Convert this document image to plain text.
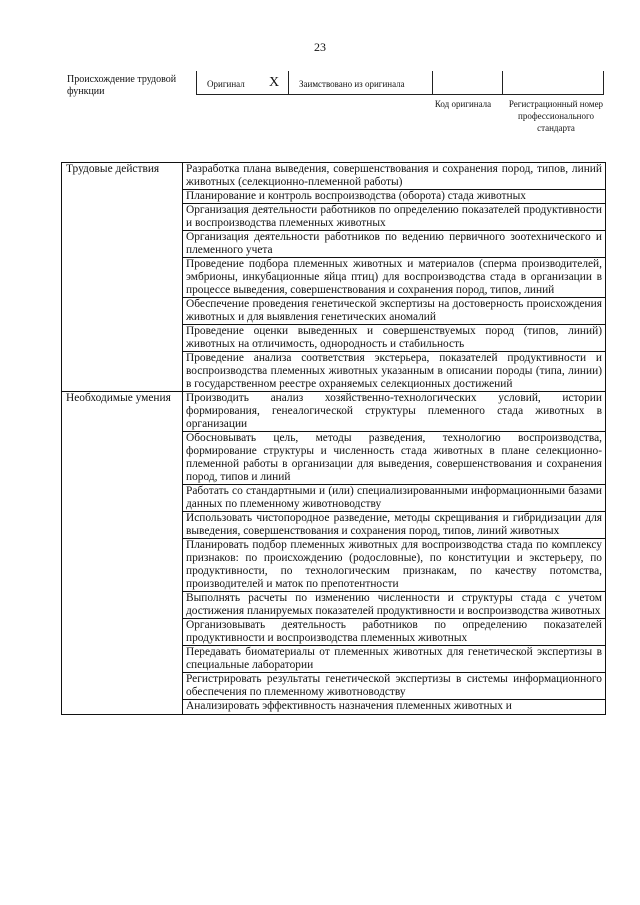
23
Происхождение трудовой функции
Оригинал X Заимствовано из оригинала
Код оригинала	Регистрационный номер профессионального стандарта
Трудовые действия	Разработка плана выведения, совершенствования и сохранения пород, типов, линий животных (селекционно-племенной работы)
	Планирование и контроль воспроизводства (оборота) стада животных
	Организация деятельности работников по определению показателей продуктивности и воспроизводства племенных животных
	Организация деятельности работников по ведению первичного зоотехнического и племенного учета
	Проведение подбора племенных животных и материалов (сперма производителей, эмбрионы, инкубационные яйца птиц) для воспроизводства стада в организации в процессе выведения, совершенствования и сохранения пород, типов, линий
	Обеспечение проведения генетической экспертизы на достоверность происхождения животных и для выявления генетических аномалий
	Проведение оценки выведенных и совершенствуемых пород (типов, линий) животных на отличимость, однородность и стабильность
	Проведение анализа соответствия экстерьера, показателей продуктивности и воспроизводства племенных животных указанным в описании породы (типа, линии) в государственном реестре охраняемых селекционных достижений
Необходимые умения	Производить анализ хозяйственно-технологических условий, истории формирования, генеалогической структуры племенного стада животных в организации
	Обосновывать цель, методы разведения, технологию воспроизводства, формирование структуры и численность стада животных в плане селекционно-племенной работы в организации для выведения, совершенствования и сохранения пород, типов и линий
	Работать со стандартными и (или) специализированными информационными базами данных по племенному животноводству
	Использовать чистопородное разведение, методы скрещивания и гибридизации для выведения, совершенствования и сохранения пород, типов, линий животных
	Планировать подбор племенных животных для воспроизводства стада по комплексу признаков: по происхождению (родословные), по конституции и экстерьеру, по продуктивности, по технологическим признакам, по качеству потомства, производителей и маток по препотентности
	Выполнять расчеты по изменению численности и структуры стада с учетом достижения планируемых показателей продуктивности и воспроизводства животных
	Организовывать деятельность работников по определению показателей продуктивности и воспроизводства племенных животных
	Передавать биоматериалы от племенных животных для генетической экспертизы в специальные лаборатории
	Регистрировать результаты генетической экспертизы в системы информационного обеспечения по племенному животноводству
	Анализировать эффективность назначения племенных животных и
